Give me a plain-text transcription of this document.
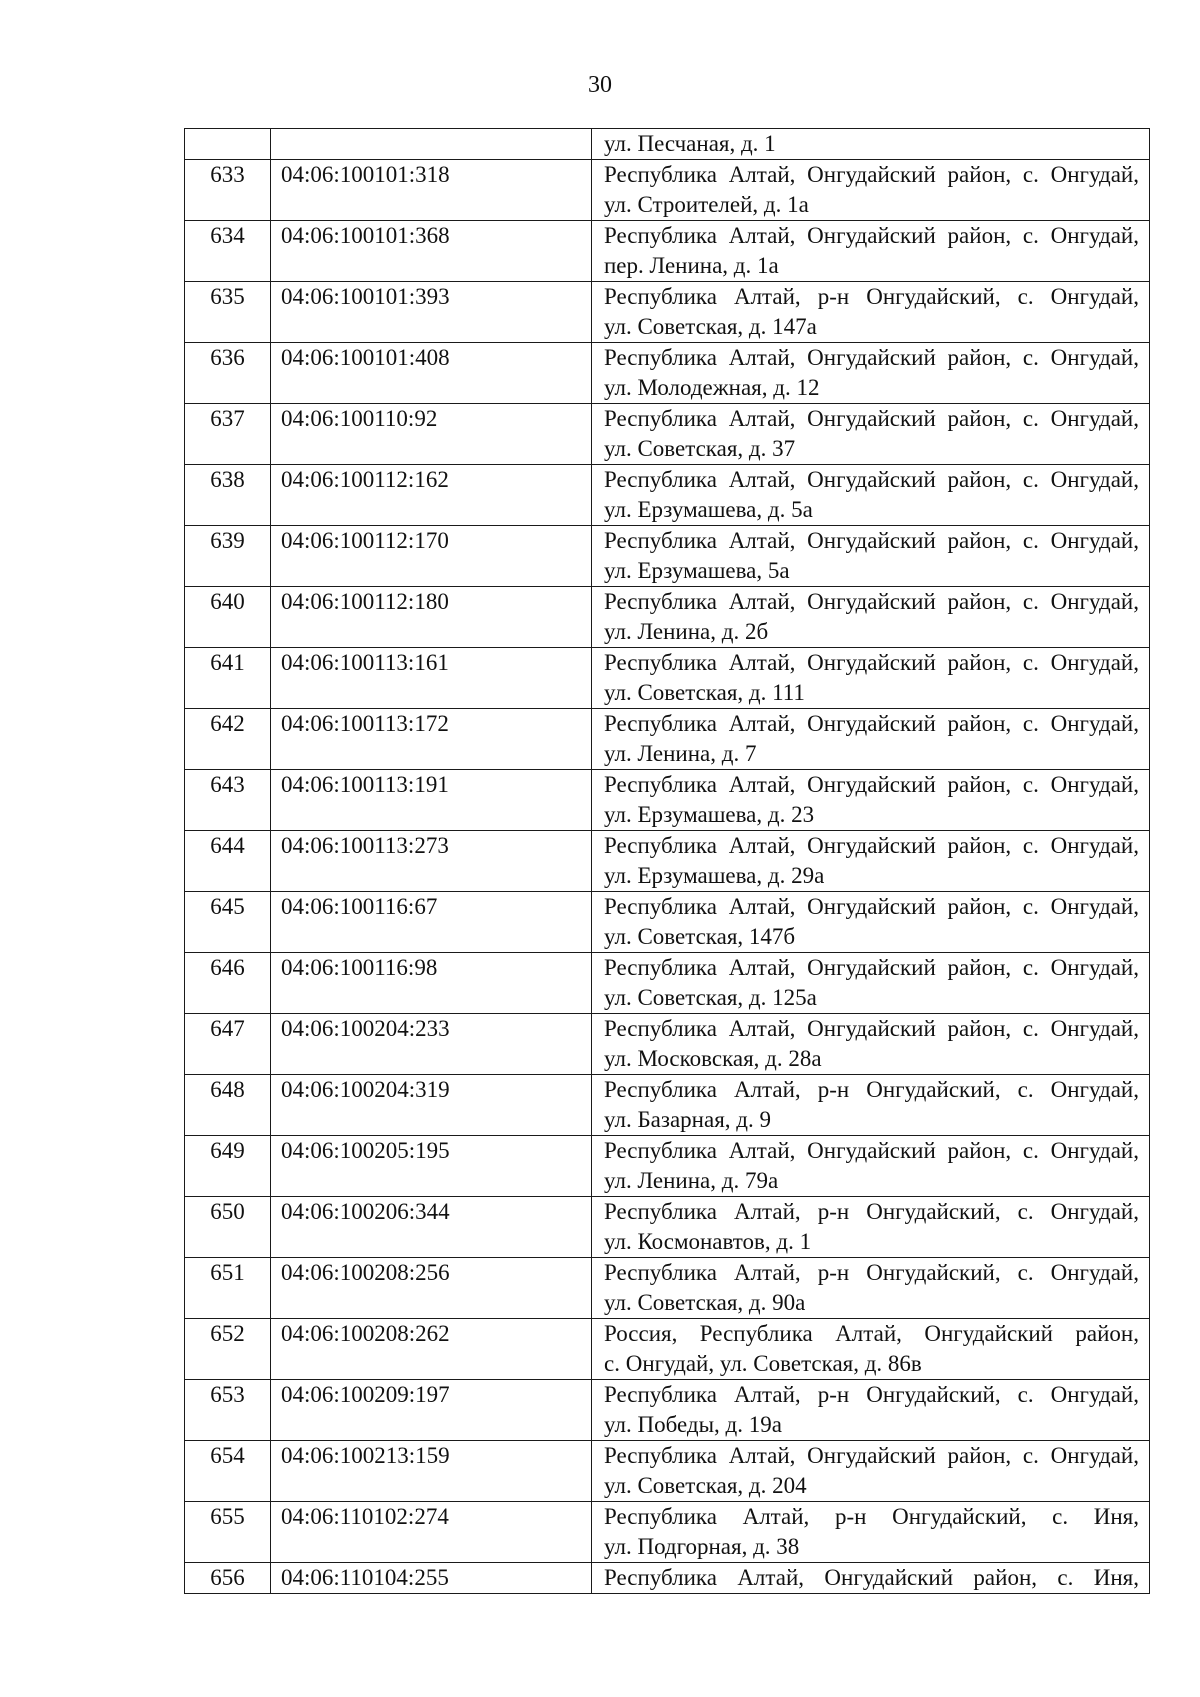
30

		ул. Песчаная, д. 1

633	04:06:100101:318	Республика Алтай, Онгудайский район, с. Онгудай,
ул. Строителей, д. 1а

634	04:06:100101:368	Республика Алтай, Онгудайский район, с. Онгудай,
пер. Ленина, д. 1а

635	04:06:100101:393	Республика Алтай, р-н Онгудайский, с. Онгудай,
ул. Советская, д. 147а

636	04:06:100101:408	Республика Алтай, Онгудайский район, с. Онгудай,
ул. Молодежная, д. 12

637	04:06:100110:92	Республика Алтай, Онгудайский район, с. Онгудай,
ул. Советская, д. 37

638	04:06:100112:162	Республика Алтай, Онгудайский район, с. Онгудай,
ул. Ерзумашева, д. 5а

639	04:06:100112:170	Республика Алтай, Онгудайский район, с. Онгудай,
ул. Ерзумашева, 5а

640	04:06:100112:180	Республика Алтай, Онгудайский район, с. Онгудай,
ул. Ленина, д. 2б

641	04:06:100113:161	Республика Алтай, Онгудайский район, с. Онгудай,
ул. Советская, д. 111

642	04:06:100113:172	Республика Алтай, Онгудайский район, с. Онгудай,
ул. Ленина, д. 7

643	04:06:100113:191	Республика Алтай, Онгудайский район, с. Онгудай,
ул. Ерзумашева, д. 23

644	04:06:100113:273	Республика Алтай, Онгудайский район, с. Онгудай,
ул. Ерзумашева, д. 29а

645	04:06:100116:67	Республика Алтай, Онгудайский район, с. Онгудай,
ул. Советская, 147б

646	04:06:100116:98	Республика Алтай, Онгудайский район, с. Онгудай,
ул. Советская, д. 125а

647	04:06:100204:233	Республика Алтай, Онгудайский район, с. Онгудай,
ул. Московская, д. 28а

648	04:06:100204:319	Республика Алтай, р-н Онгудайский, с. Онгудай,
ул. Базарная, д. 9

649	04:06:100205:195	Республика Алтай, Онгудайский район, с. Онгудай,
ул. Ленина, д. 79а

650	04:06:100206:344	Республика Алтай, р-н Онгудайский, с. Онгудай,
ул. Космонавтов, д. 1

651	04:06:100208:256	Республика Алтай, р-н Онгудайский, с. Онгудай,
ул. Советская, д. 90а

652	04:06:100208:262	Россия, Республика Алтай, Онгудайский район,
с. Онгудай, ул. Советская, д. 86в

653	04:06:100209:197	Республика Алтай, р-н Онгудайский, с. Онгудай,
ул. Победы, д. 19а

654	04:06:100213:159	Республика Алтай, Онгудайский район, с. Онгудай,
ул. Советская, д. 204

655	04:06:110102:274	Республика Алтай, р-н Онгудайский, с. Иня,
ул. Подгорная, д. 38

656	04:06:110104:255	Республика Алтай, Онгудайский район, с. Иня,
